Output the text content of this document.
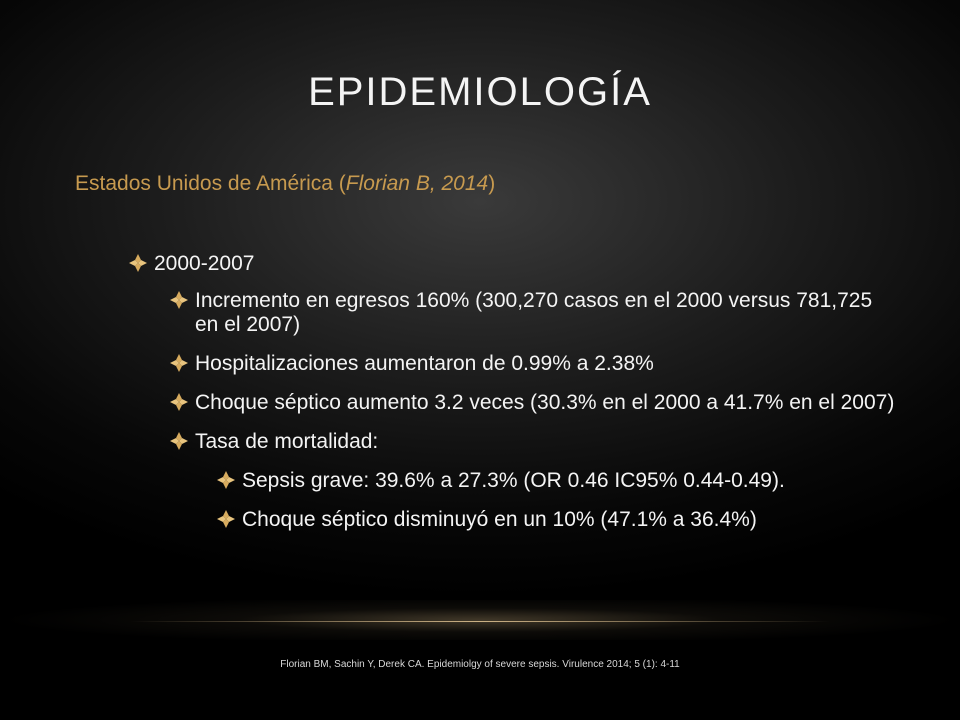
EPIDEMIOLOGÍA

Estados Unidos de América (Florian B, 2014)

2000-2007
Incremento en egresos 160% (300,270 casos en el 2000 versus 781,725 en el 2007)
Hospitalizaciones aumentaron de 0.99% a 2.38%
Choque séptico aumento 3.2 veces (30.3% en el 2000 a 41.7% en el 2007)
Tasa de mortalidad:
Sepsis grave: 39.6% a 27.3% (OR 0.46 IC95% 0.44-0.49).
Choque séptico disminuyó en un 10% (47.1% a 36.4%)

Florian BM, Sachin Y, Derek CA. Epidemiolgy of severe sepsis. Virulence 2014; 5 (1): 4-11
